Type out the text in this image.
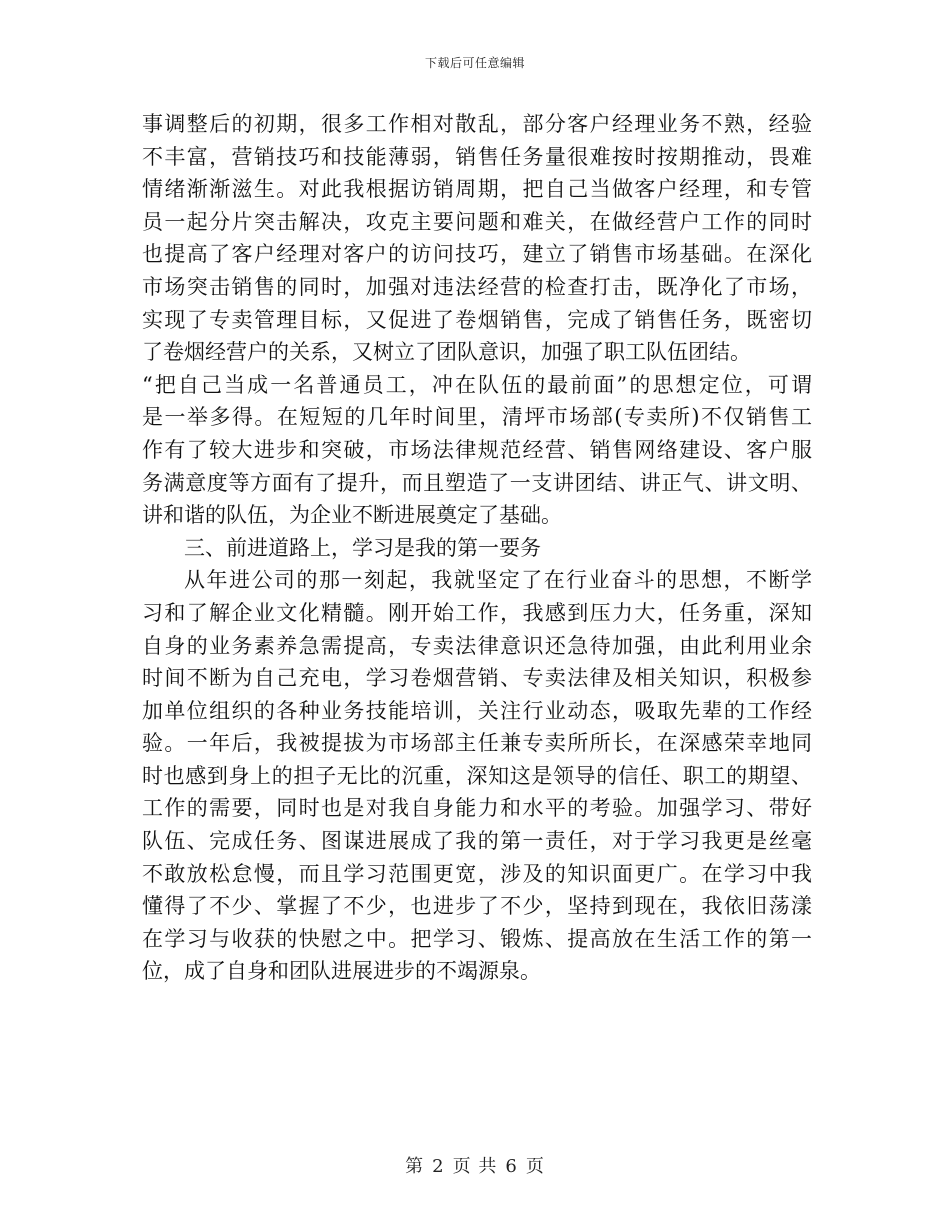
下载后可任意编辑
事调整后的初期，很多工作相对散乱，部分客户经理业务不熟，经验
不丰富，营销技巧和技能薄弱，销售任务量很难按时按期推动，畏难
情绪渐渐滋生。对此我根据访销周期，把自己当做客户经理，和专管
员一起分片突击解决，攻克主要问题和难关，在做经营户工作的同时
也提高了客户经理对客户的访问技巧，建立了销售市场基础。在深化
市场突击销售的同时，加强对违法经营的检查打击，既净化了市场，
实现了专卖管理目标，又促进了卷烟销售，完成了销售任务，既密切
了卷烟经营户的关系，又树立了团队意识，加强了职工队伍团结。
“把自己当成一名普通员工，冲在队伍的最前面”的思想定位，可谓
是一举多得。在短短的几年时间里，清坪市场部(专卖所)不仅销售工
作有了较大进步和突破，市场法律规范经营、销售网络建设、客户服
务满意度等方面有了提升，而且塑造了一支讲团结、讲正气、讲文明、
讲和谐的队伍，为企业不断进展奠定了基础。
三、前进道路上，学习是我的第一要务
从年进公司的那一刻起，我就坚定了在行业奋斗的思想，不断学
习和了解企业文化精髓。刚开始工作，我感到压力大，任务重，深知
自身的业务素养急需提高，专卖法律意识还急待加强，由此利用业余
时间不断为自己充电，学习卷烟营销、专卖法律及相关知识，积极参
加单位组织的各种业务技能培训，关注行业动态，吸取先辈的工作经
验。一年后，我被提拔为市场部主任兼专卖所所长，在深感荣幸地同
时也感到身上的担子无比的沉重，深知这是领导的信任、职工的期望、
工作的需要，同时也是对我自身能力和水平的考验。加强学习、带好
队伍、完成任务、图谋进展成了我的第一责任，对于学习我更是丝毫
不敢放松怠慢，而且学习范围更宽，涉及的知识面更广。在学习中我
懂得了不少、掌握了不少，也进步了不少，坚持到现在，我依旧荡漾
在学习与收获的快慰之中。把学习、锻炼、提高放在生活工作的第一
位，成了自身和团队进展进步的不竭源泉。
第 2 页 共 6 页
